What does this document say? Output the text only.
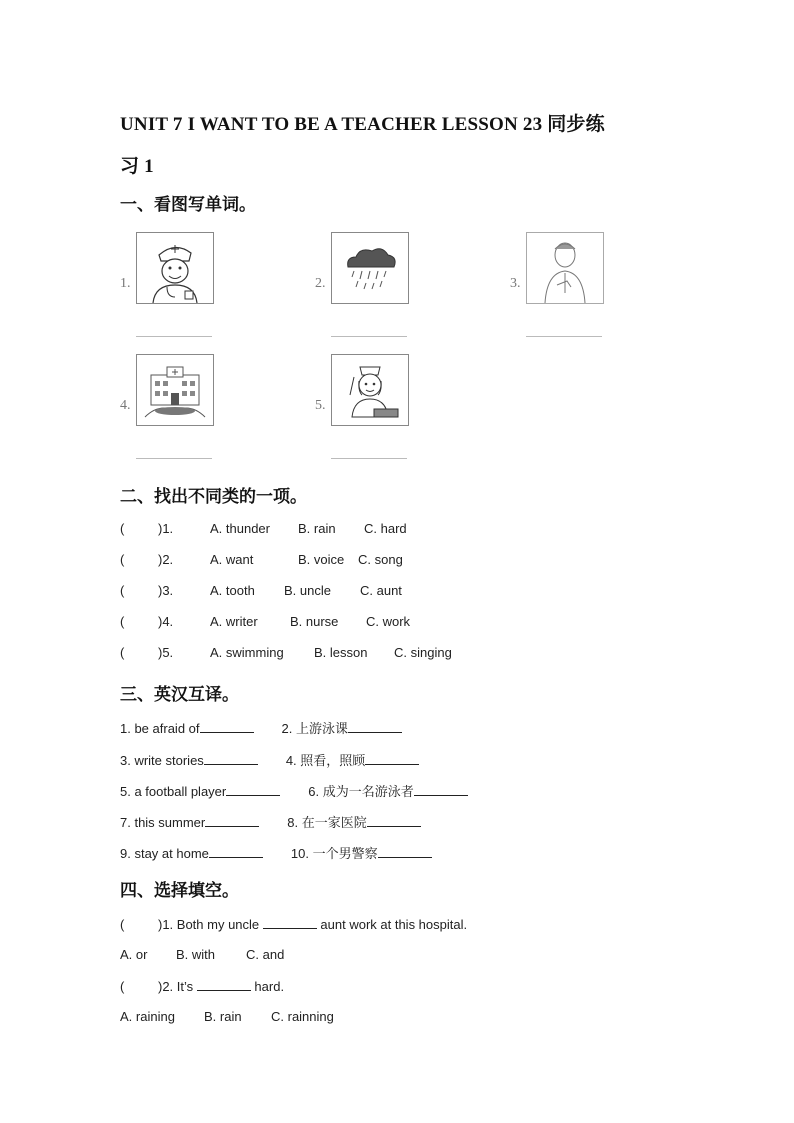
UNIT 7 I WANT TO BE A TEACHER LESSON 23 同步练
习 1
一、看图写单词。
1.	2.	3.
4.	5.
二、找出不同类的一项。
(	)1.	A. thunder B. rain C. hard
(	)2.	A. want	B. voice C. song
(	)3.	A. tooth B. uncle C. aunt
(	)4.	A. writer B. nurse C. work
(	)5.	A. swimming B. lesson C. singing
三、英汉互译。
1. be afraid of	2. 上游泳课
3. write stories	4. 照看，照顾
5. a football player	6. 成为一名游泳者
7. this summer	8. 在一家医院
9. stay at home	10. 一个男警察
四、选择填空。
(	)1. Both my uncle	aunt work at this hospital.
A. or B. with C. and
(	)2. It’s	hard.
A. raining B. rain C. rainning
